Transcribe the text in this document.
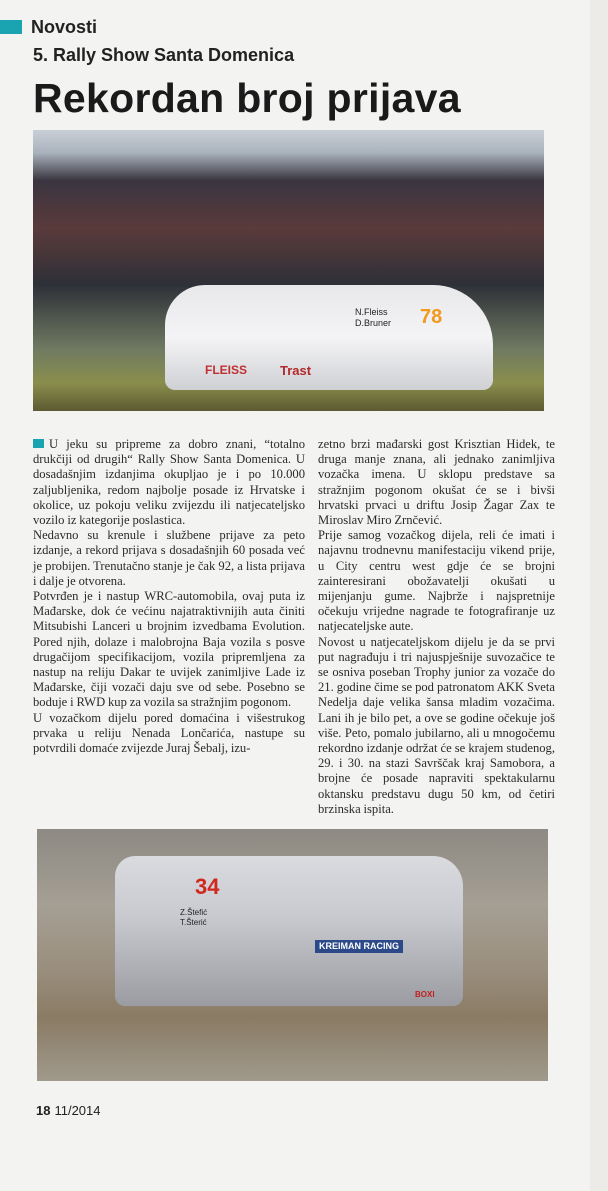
Novosti
5. Rally Show Santa Domenica
Rekordan broj prijava
78
N.Fleiss
D.Bruner
FLEISS	Trast

U jeku su pripreme za dobro znani, “totalno drukčiji od drugih“ Rally Show Santa Domenica. U dosadašnjim izdanjima okupljao je i po 10.000 zaljubljenika, redom najbolje posade iz Hrvatske i okolice, uz pokoju veliku zvijezdu ili natjecateljsko vozilo iz kategorije poslastica.

Nedavno su krenule i službene prijave za peto izdanje, a rekord prijava s dosadašnjih 60 posada već je probijen. Trenutačno stanje je čak 92, a lista prijava i dalje je otvorena.

Potvrđen je i nastup WRC-automobila, ovaj puta iz Mađarske, dok će većinu najatraktivnijih auta činiti Mitsubishi Lanceri u brojnim izvedbama Evolution. Pored njih, dolaze i malobrojna Baja vozila s posve drugačijom specifikacijom, vozila pripremljena za nastup na reliju Dakar te uvijek zanimljive Lade iz Mađarske, čiji vozači daju sve od sebe. Posebno se boduje i RWD kup za vozila sa stražnjim pogonom.

U vozačkom dijelu pored domaćina i višestrukog prvaka u reliju Nenada Lončarića, nastupe su potvrdili domaće zvijezde Juraj Šebalj, izu-

zetno brzi mađarski gost Krisztian Hidek, te druga manje znana, ali jednako zanimljiva vozačka imena. U sklopu predstave sa stražnjim pogonom okušat će se i bivši hrvatski prvaci u driftu Josip Žagar Zax te Miroslav Miro Zrnčević.

Prije samog vozačkog dijela, reli će imati i najavnu trodnevnu manifestaciju vikend prije, u City centru west gdje će se brojni zainteresirani obožavatelji okušati u mijenjanju gume. Najbrže i najspretnije očekuju vrijedne nagrade te fotografiranje uz natjecateljske aute.

Novost u natjecateljskom dijelu je da se prvi put nagrađuju i tri najuspješnije suvozačice te se osniva poseban Trophy junior za vozače do 21. godine čime se pod patronatom AKK Sveta Nedelja daje velika šansa mladim vozačima. Lani ih je bilo pet, a ove se godine očekuje još više. Peto, pomalo jubilarno, ali u mnogočemu rekordno izdanje održat će se krajem studenog, 29. i 30. na stazi Savrščak kraj Samobora, a brojne će posade napraviti spektakularnu oktansku predstavu dugu 50 km, od četiri brzinska ispita.

34
Z.Štefić
T.Šterić
KREIMAN RACING
BOXI
18 11/2014
